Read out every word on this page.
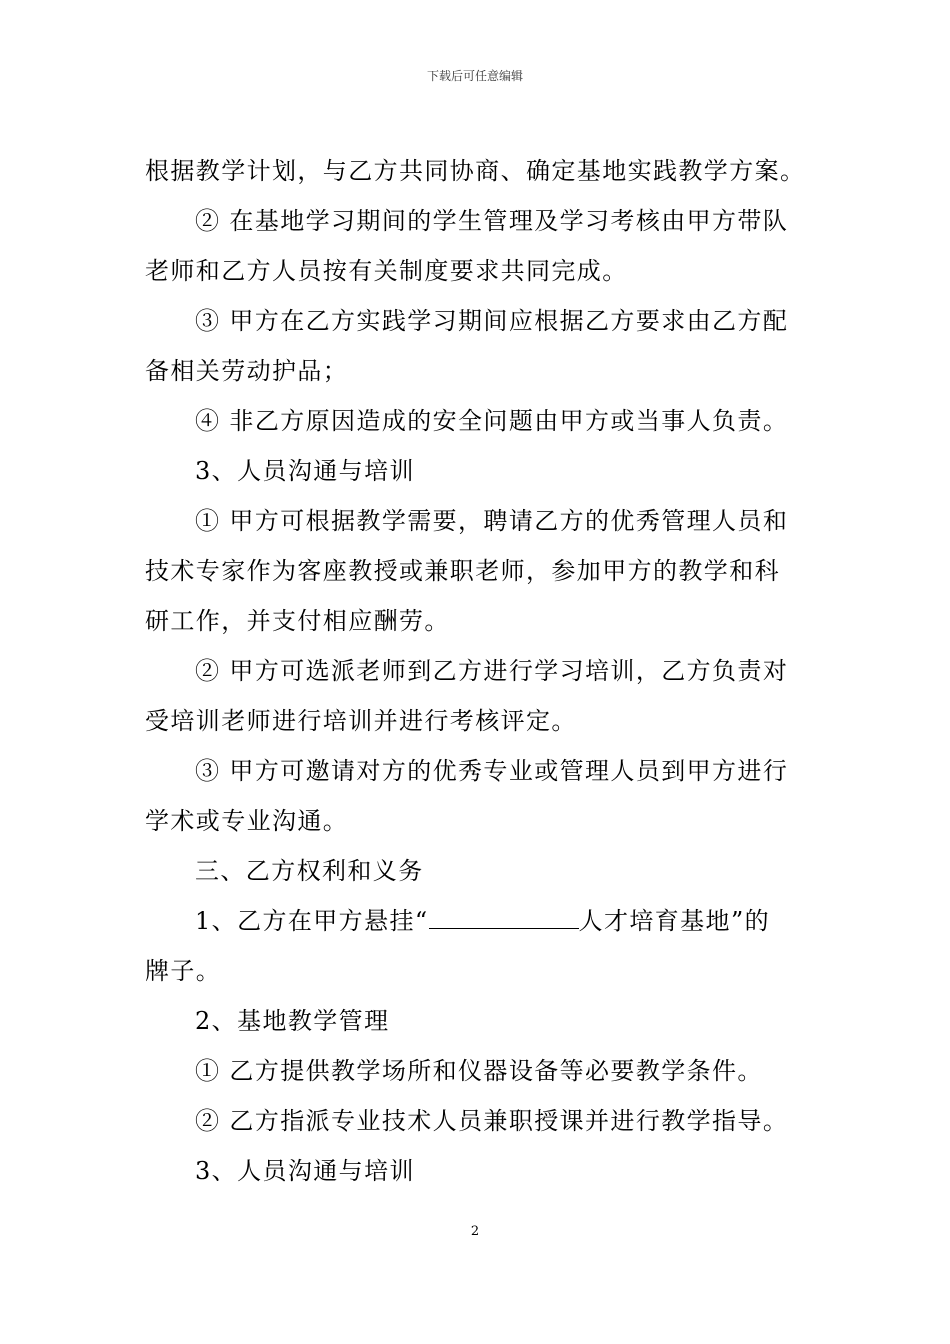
下载后可任意编辑
根据教学计划，与乙方共同协商、确定基地实践教学方案。
② 在基地学习期间的学生管理及学习考核由甲方带队
老师和乙方人员按有关制度要求共同完成。
③ 甲方在乙方实践学习期间应根据乙方要求由乙方配
备相关劳动护品；
④ 非乙方原因造成的安全问题由甲方或当事人负责。
3、人员沟通与培训
① 甲方可根据教学需要，聘请乙方的优秀管理人员和
技术专家作为客座教授或兼职老师，参加甲方的教学和科
研工作，并支付相应酬劳。
② 甲方可选派老师到乙方进行学习培训，乙方负责对
受培训老师进行培训并进行考核评定。
③ 甲方可邀请对方的优秀专业或管理人员到甲方进行
学术或专业沟通。
三、乙方权利和义务
1、乙方在甲方悬挂“	人才培育基地”的
牌子。
2、基地教学管理
① 乙方提供教学场所和仪器设备等必要教学条件。
② 乙方指派专业技术人员兼职授课并进行教学指导。
3、人员沟通与培训
2
